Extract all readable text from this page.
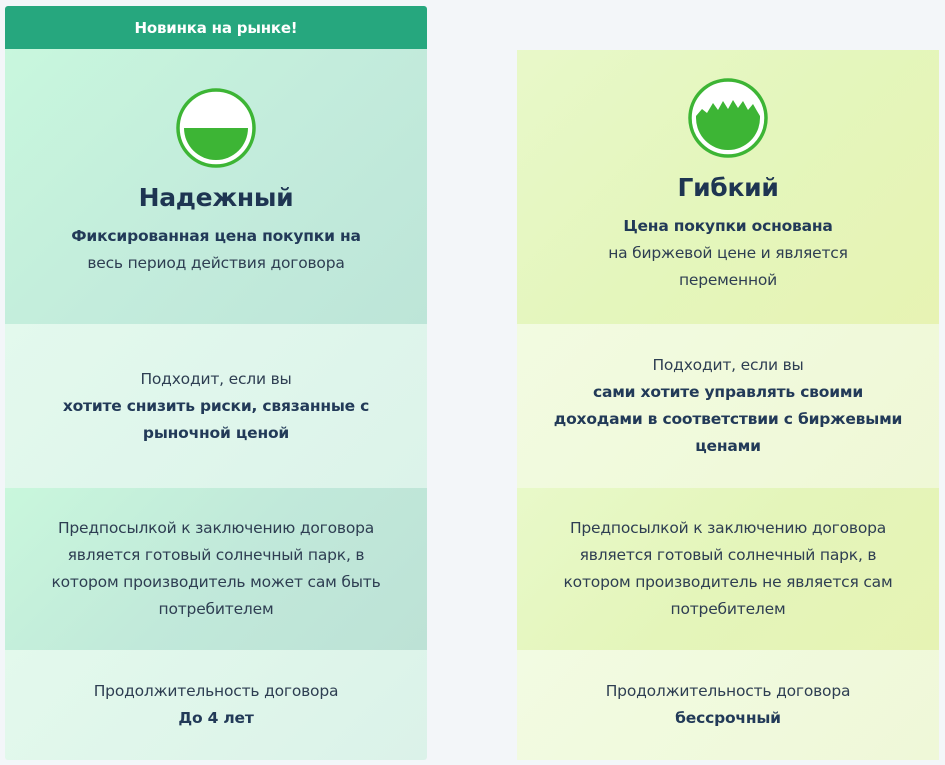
Новинка на рынке!
Надежный
Фиксированная цена покупки на
весь период действия договора
Подходит, если вы
хотите снизить риски, связанные с
рыночной ценой
Предпосылкой к заключению договора
является готовый солнечный парк, в
котором производитель может сам быть
потребителем
Продолжительность договора
До 4 лет
Гибкий
Цена покупки основана
на биржевой цене и является
переменной
Подходит, если вы
сами хотите управлять своими
доходами в соответствии с биржевыми
ценами
Предпосылкой к заключению договора
является готовый солнечный парк, в
котором производитель не является сам
потребителем
Продолжительность договора
бессрочный
